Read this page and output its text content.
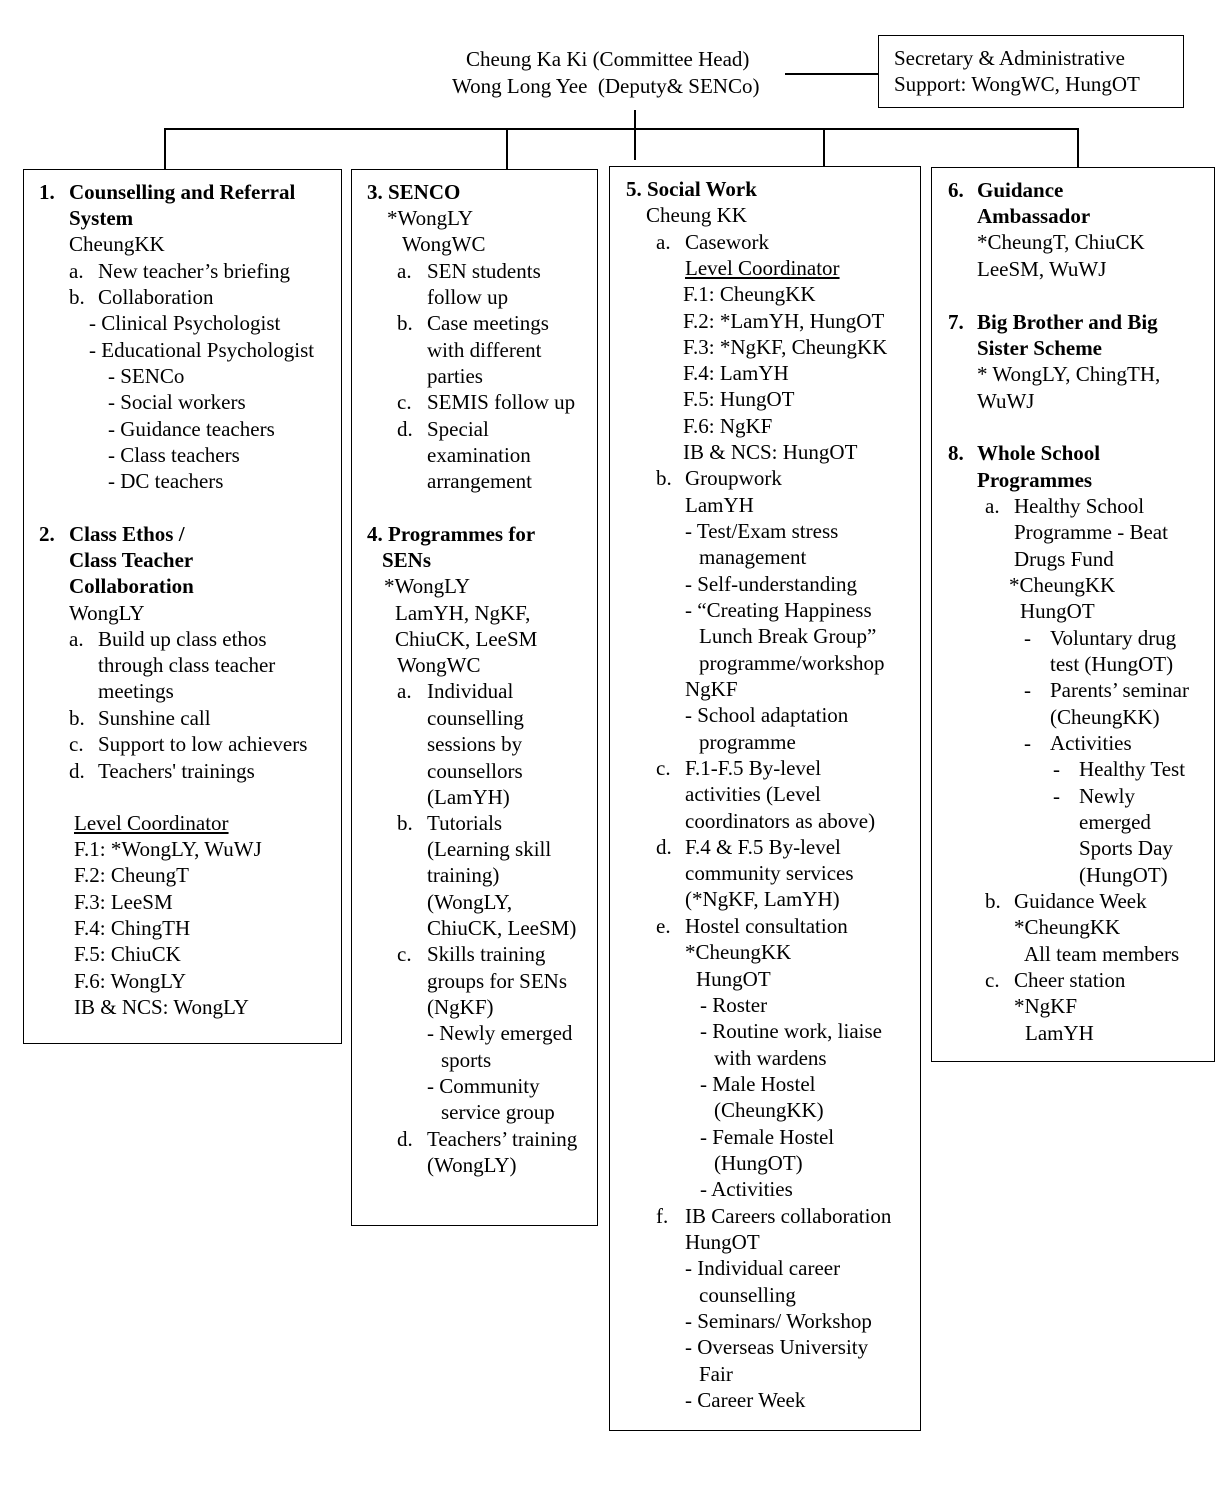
Cheung Ka Ki (Committee Head)
Wong Long Yee  (Deputy& SENCo)
Secretary & Administrative
Support: WongWC, HungOT
1. Counselling and Referral
System
CheungKK
a. New teacher’s briefing
b. Collaboration
- Clinical Psychologist
- Educational Psychologist
- SENCo
- Social workers
- Guidance teachers
- Class teachers
- DC teachers
2. Class Ethos /
Class Teacher
Collaboration
WongLY
a. Build up class ethos
through class teacher
meetings
b. Sunshine call
c. Support to low achievers
d. Teachers' trainings
Level Coordinator
F.1: *WongLY, WuWJ
F.2: CheungT
F.3: LeeSM
F.4: ChingTH
F.5: ChiuCK
F.6: WongLY
IB & NCS: WongLY
3. SENCO
*WongLY
WongWC
a. SEN students
follow up
b. Case meetings
with different
parties
c. SEMIS follow up
d. Special
examination
arrangement
4. Programmes for
SENs
*WongLY
LamYH, NgKF,
ChiuCK, LeeSM
WongWC
a. Individual
counselling
sessions by
counsellors
(LamYH)
b. Tutorials
(Learning skill
training)
(WongLY,
ChiuCK, LeeSM)
c. Skills training
groups for SENs
(NgKF)
- Newly emerged
sports
- Community
service group
d. Teachers’ training
(WongLY)
5. Social Work
Cheung KK
a. Casework
Level Coordinator
F.1: CheungKK
F.2: *LamYH, HungOT
F.3: *NgKF, CheungKK
F.4: LamYH
F.5: HungOT
F.6: NgKF
IB & NCS: HungOT
b. Groupwork
LamYH
- Test/Exam stress
management
- Self-understanding
- “Creating Happiness
Lunch Break Group”
programme/workshop
NgKF
- School adaptation
programme
c. F.1-F.5 By-level
activities (Level
coordinators as above)
d. F.4 & F.5 By-level
community services
(*NgKF, LamYH)
e. Hostel consultation
*CheungKK
HungOT
- Roster
- Routine work, liaise
with wardens
- Male Hostel
(CheungKK)
- Female Hostel
(HungOT)
- Activities
f. IB Careers collaboration
HungOT
- Individual career
counselling
- Seminars/ Workshop
- Overseas University
Fair
- Career Week
6. Guidance
Ambassador
*CheungT, ChiuCK
LeeSM, WuWJ
7. Big Brother and Big
Sister Scheme
* WongLY, ChingTH,
WuWJ
8. Whole School
Programmes
a. Healthy School
Programme - Beat
Drugs Fund
*CheungKK
HungOT
- Voluntary drug
test (HungOT)
- Parents’ seminar
(CheungKK)
- Activities
- Healthy Test
- Newly
emerged
Sports Day
(HungOT)
b. Guidance Week
*CheungKK
All team members
c. Cheer station
*NgKF
LamYH
